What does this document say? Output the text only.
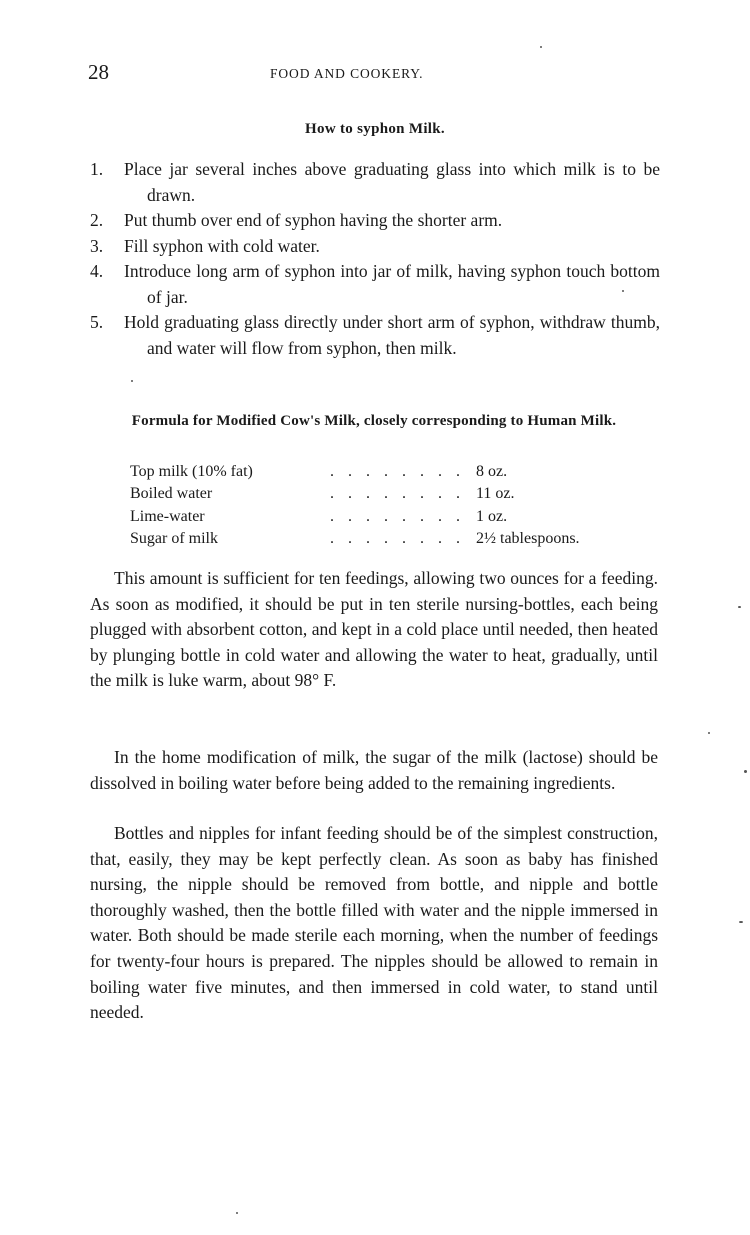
28	FOOD AND COOKERY.
How to syphon Milk.
1. Place jar several inches above graduating glass into which milk is to be drawn.
2. Put thumb over end of syphon having the shorter arm.
3. Fill syphon with cold water.
4. Introduce long arm of syphon into jar of milk, having syphon touch bottom of jar.
5. Hold graduating glass directly under short arm of syphon, withdraw thumb, and water will flow from syphon, then milk.
Formula for Modified Cow's Milk, closely corresponding to Human Milk.
Top milk (10% fat)	. . . . . . . . 8 oz.
Boiled water	. . . . . . . . 11 oz.
Lime-water	. . . . . . . . 1 oz.
Sugar of milk	. . . . . . . . 2½ tablespoons.

This amount is sufficient for ten feedings, allowing two ounces for a feeding. As soon as modified, it should be put in ten sterile nursing-bottles, each being plugged with absorbent cotton, and kept in a cold place until needed, then heated by plunging bottle in cold water and allowing the water to heat, gradually, until the milk is luke warm, about 98° F.

In the home modification of milk, the sugar of the milk (lactose) should be dissolved in boiling water before being added to the remaining ingredients.

Bottles and nipples for infant feeding should be of the simplest construction, that, easily, they may be kept perfectly clean. As soon as baby has finished nursing, the nipple should be removed from bottle, and nipple and bottle thoroughly washed, then the bottle filled with water and the nipple immersed in water. Both should be made sterile each morning, when the number of feedings for twenty-four hours is prepared. The nipples should be allowed to remain in boiling water five minutes, and then immersed in cold water, to stand until needed.
